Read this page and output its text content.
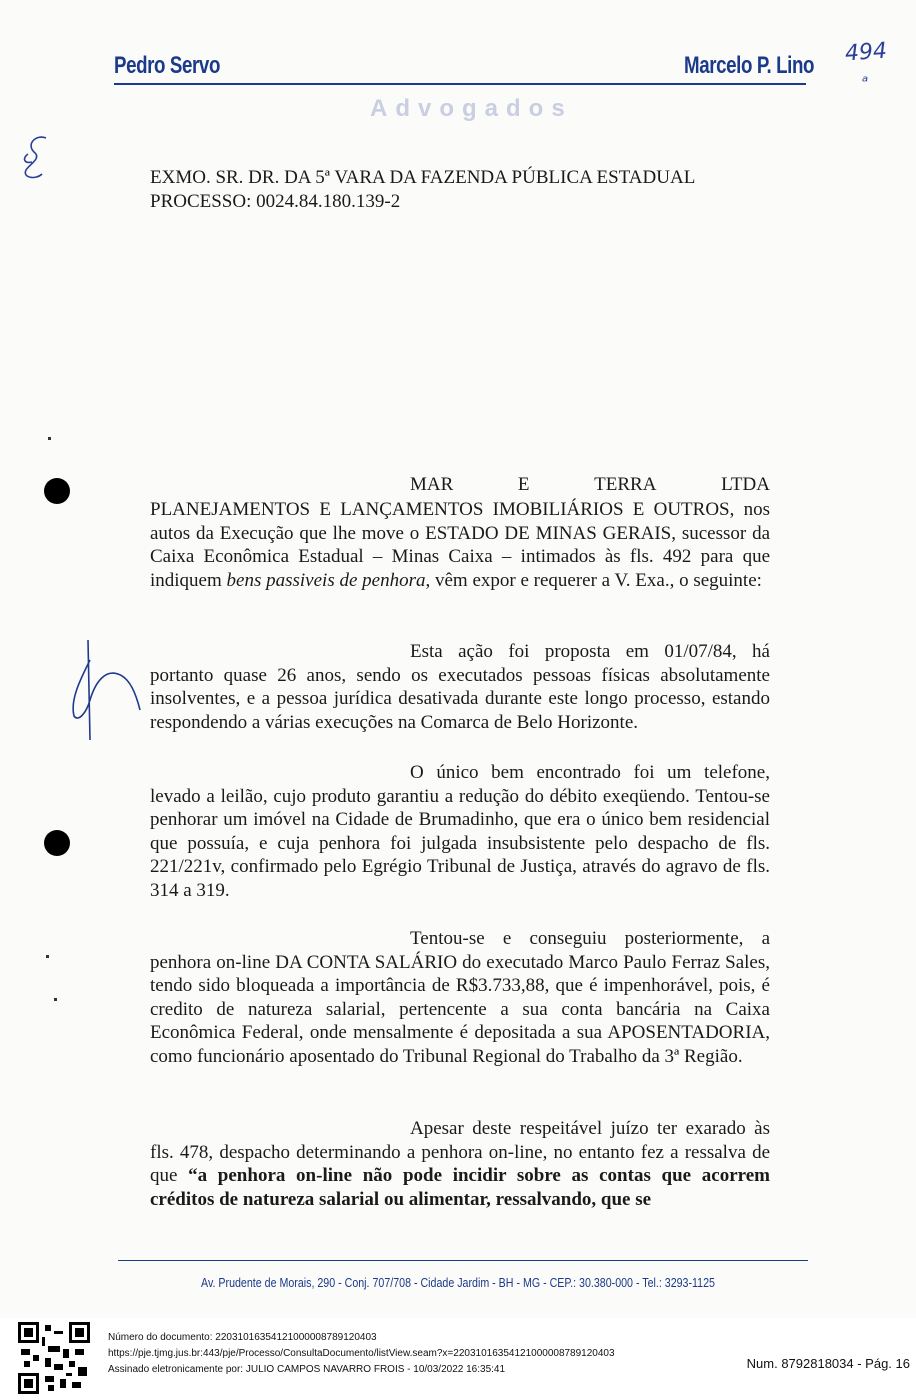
Pedro Servo	Marcelo P. Lino
Advogados
494
ᵃ
EXMO. SR. DR. DA 5ª VARA DA FAZENDA PÚBLICA ESTADUAL
PROCESSO: 0024.84.180.139-2
MAR	E	TERRA	LTDA
PLANEJAMENTOS E LANÇAMENTOS IMOBILIÁRIOS E OUTROS, nos autos da Execução que lhe move o ESTADO DE MINAS GERAIS, sucessor da Caixa Econômica Estadual – Minas Caixa – intimados às fls. 492 para que indiquem bens passiveis de penhora, vêm expor e requerer a V. Exa., o seguinte:
Esta ação foi proposta em 01/07/84, há portanto quase 26 anos, sendo os executados pessoas físicas absolutamente insolventes, e a pessoa jurídica desativada durante este longo processo, estando respondendo a várias execuções na Comarca de Belo Horizonte.
O único bem encontrado foi um telefone, levado a leilão, cujo produto garantiu a redução do débito exeqüendo. Tentou-se penhorar um imóvel na Cidade de Brumadinho, que era o único bem residencial que possuía, e cuja penhora foi julgada insubsistente pelo despacho de fls. 221/221v, confirmado pelo Egrégio Tribunal de Justiça, através do agravo de fls. 314 a 319.
Tentou-se e conseguiu posteriormente, a penhora on-line DA CONTA SALÁRIO do executado Marco Paulo Ferraz Sales, tendo sido bloqueada a importância de R$3.733,88, que é impenhorável, pois, é credito de natureza salarial, pertencente a sua conta bancária na Caixa Econômica Federal, onde mensalmente é depositada a sua APOSENTADORIA, como funcionário aposentado do Tribunal Regional do Trabalho da 3ª Região.
Apesar deste respeitável juízo ter exarado às fls. 478, despacho determinando a penhora on-line, no entanto fez a ressalva de que “a penhora on-line não pode incidir sobre as contas que acorrem créditos de natureza salarial ou alimentar, ressalvando, que se
Av. Prudente de Morais, 290 - Conj. 707/708 - Cidade Jardim - BH - MG - CEP.: 30.380-000 - Tel.: 3293-1125
Número do documento: 22031016354121000008789120403
https://pje.tjmg.jus.br:443/pje/Processo/ConsultaDocumento/listView.seam?x=22031016354121000008789120403
Assinado eletronicamente por: JULIO CAMPOS NAVARRO FROIS - 10/03/2022 16:35:41	Num. 8792818034 - Pág. 16
